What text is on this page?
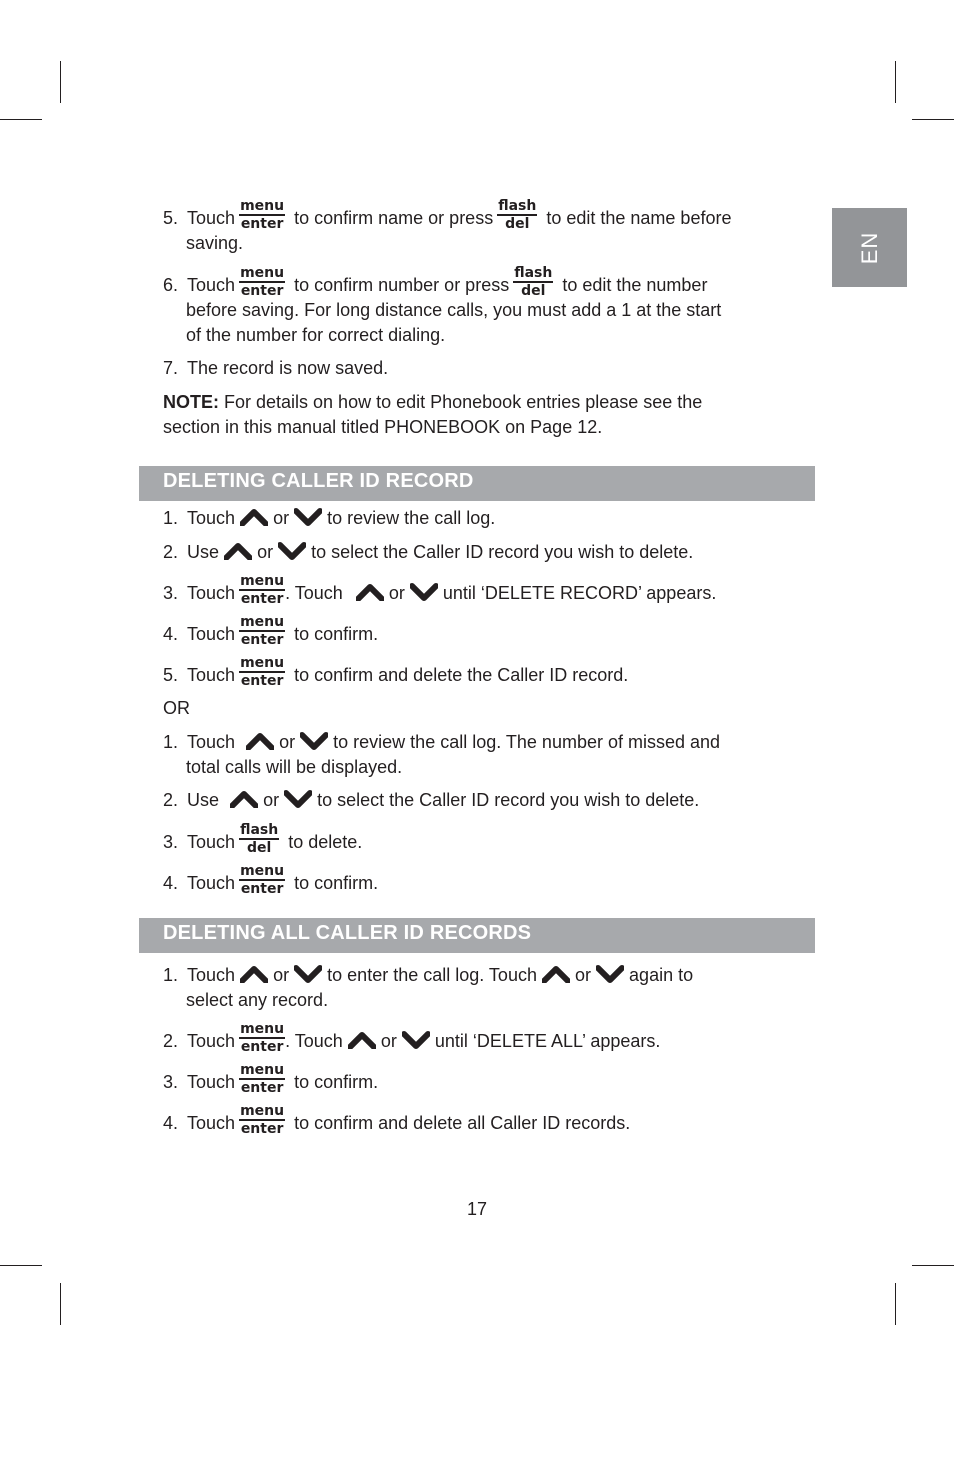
EN
5. Touch
menu
enter to confirm name or press
flash
del to edit the name before
saving.
6. Touch
menu
enter to confirm number or press
flash
del to edit the number
before saving. For long distance calls, you must add a 1 at the start
of the number for correct dialing.
7. The record is now saved.
NOTE: For details on how to edit Phonebook entries please see the
section in this manual titled PHONEBOOK on Page 12.
DELETING CALLER ID RECORD
1. Touch or to review the call log.
2. Use or to select the Caller ID record you wish to delete.
3. Touch
menu
enter . Touch	or until ‘DELETE RECORD’ appears.
4. Touch
menu
enter to confirm.
5. Touch
menu
enter to confirm and delete the Caller ID record.
OR
1. Touch or to review the call log. The number of missed and
total calls will be displayed.
2. Use or to select the Caller ID record you wish to delete.
3. Touch
flash
del to delete.
4. Touch
menu
enter to confirm.
DELETING ALL CALLER ID RECORDS
1. Touch or to enter the call log. Touch or again to
select any record.
2. Touch
menu
enter . Touch or until ‘DELETE ALL’ appears.
3. Touch
menu
enter to confirm.
4. Touch
menu
enter to confirm and delete all Caller ID records.
17
